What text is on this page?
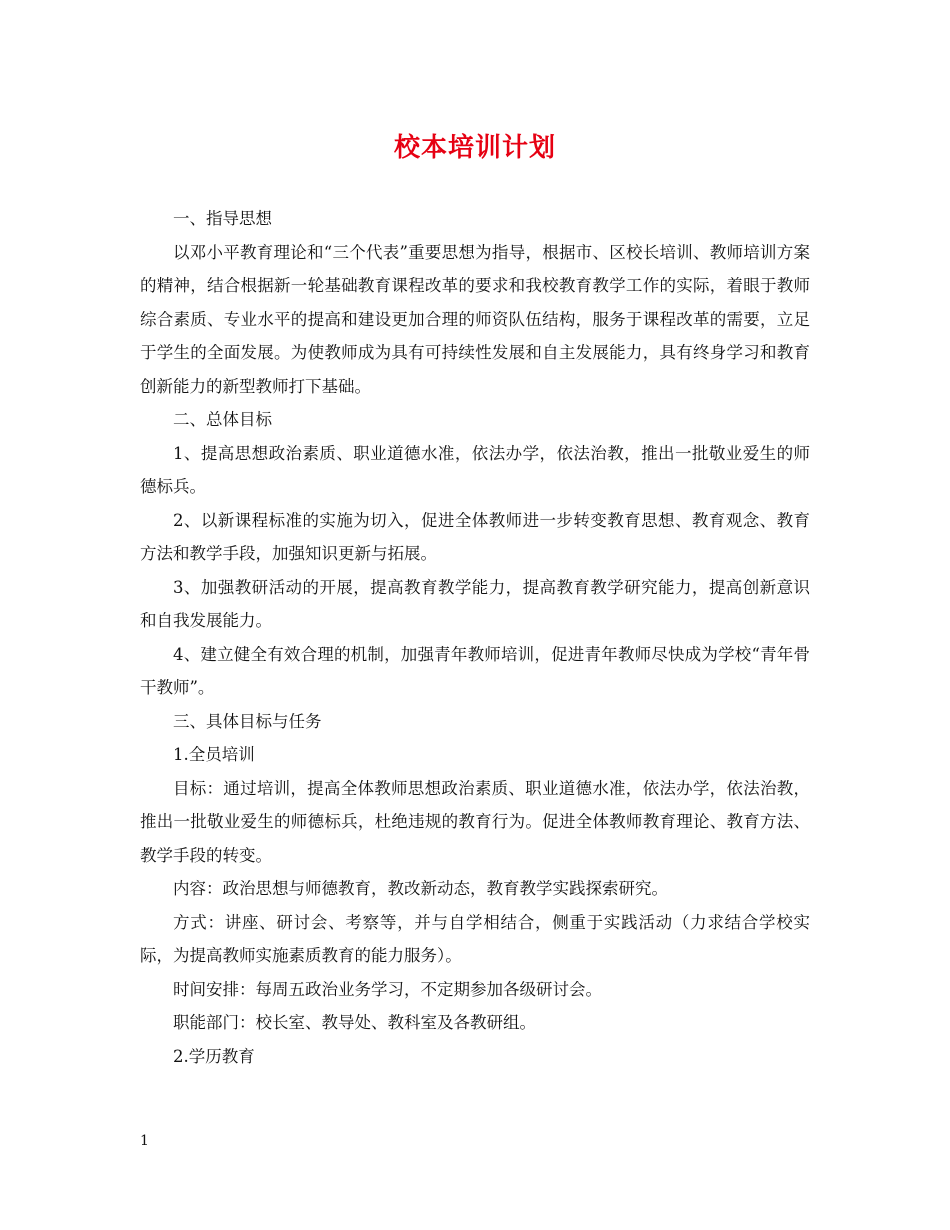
校本培训计划

一、指导思想

以邓小平教育理论和“三个代表”重要思想为指导，根据市、区校长培训、教师培训方案的精神，结合根据新一轮基础教育课程改革的要求和我校教育教学工作的实际，着眼于教师综合素质、专业水平的提高和建设更加合理的师资队伍结构，服务于课程改革的需要，立足于学生的全面发展。为使教师成为具有可持续性发展和自主发展能力，具有终身学习和教育创新能力的新型教师打下基础。

二、总体目标

1、提高思想政治素质、职业道德水准，依法办学，依法治教，推出一批敬业爱生的师德标兵。

2、以新课程标准的实施为切入，促进全体教师进一步转变教育思想、教育观念、教育方法和教学手段，加强知识更新与拓展。

3、加强教研活动的开展，提高教育教学能力，提高教育教学研究能力，提高创新意识和自我发展能力。

4、建立健全有效合理的机制，加强青年教师培训，促进青年教师尽快成为学校“青年骨干教师”。

三、具体目标与任务

1.全员培训

目标：通过培训，提高全体教师思想政治素质、职业道德水准，依法办学，依法治教，推出一批敬业爱生的师德标兵，杜绝违规的教育行为。促进全体教师教育理论、教育方法、教学手段的转变。

内容：政治思想与师德教育，教改新动态，教育教学实践探索研究。

方式：讲座、研讨会、考察等，并与自学相结合，侧重于实践活动（力求结合学校实际，为提高教师实施素质教育的能力服务）。

时间安排：每周五政治业务学习，不定期参加各级研讨会。

职能部门：校长室、教导处、教科室及各教研组。

2.学历教育

1
